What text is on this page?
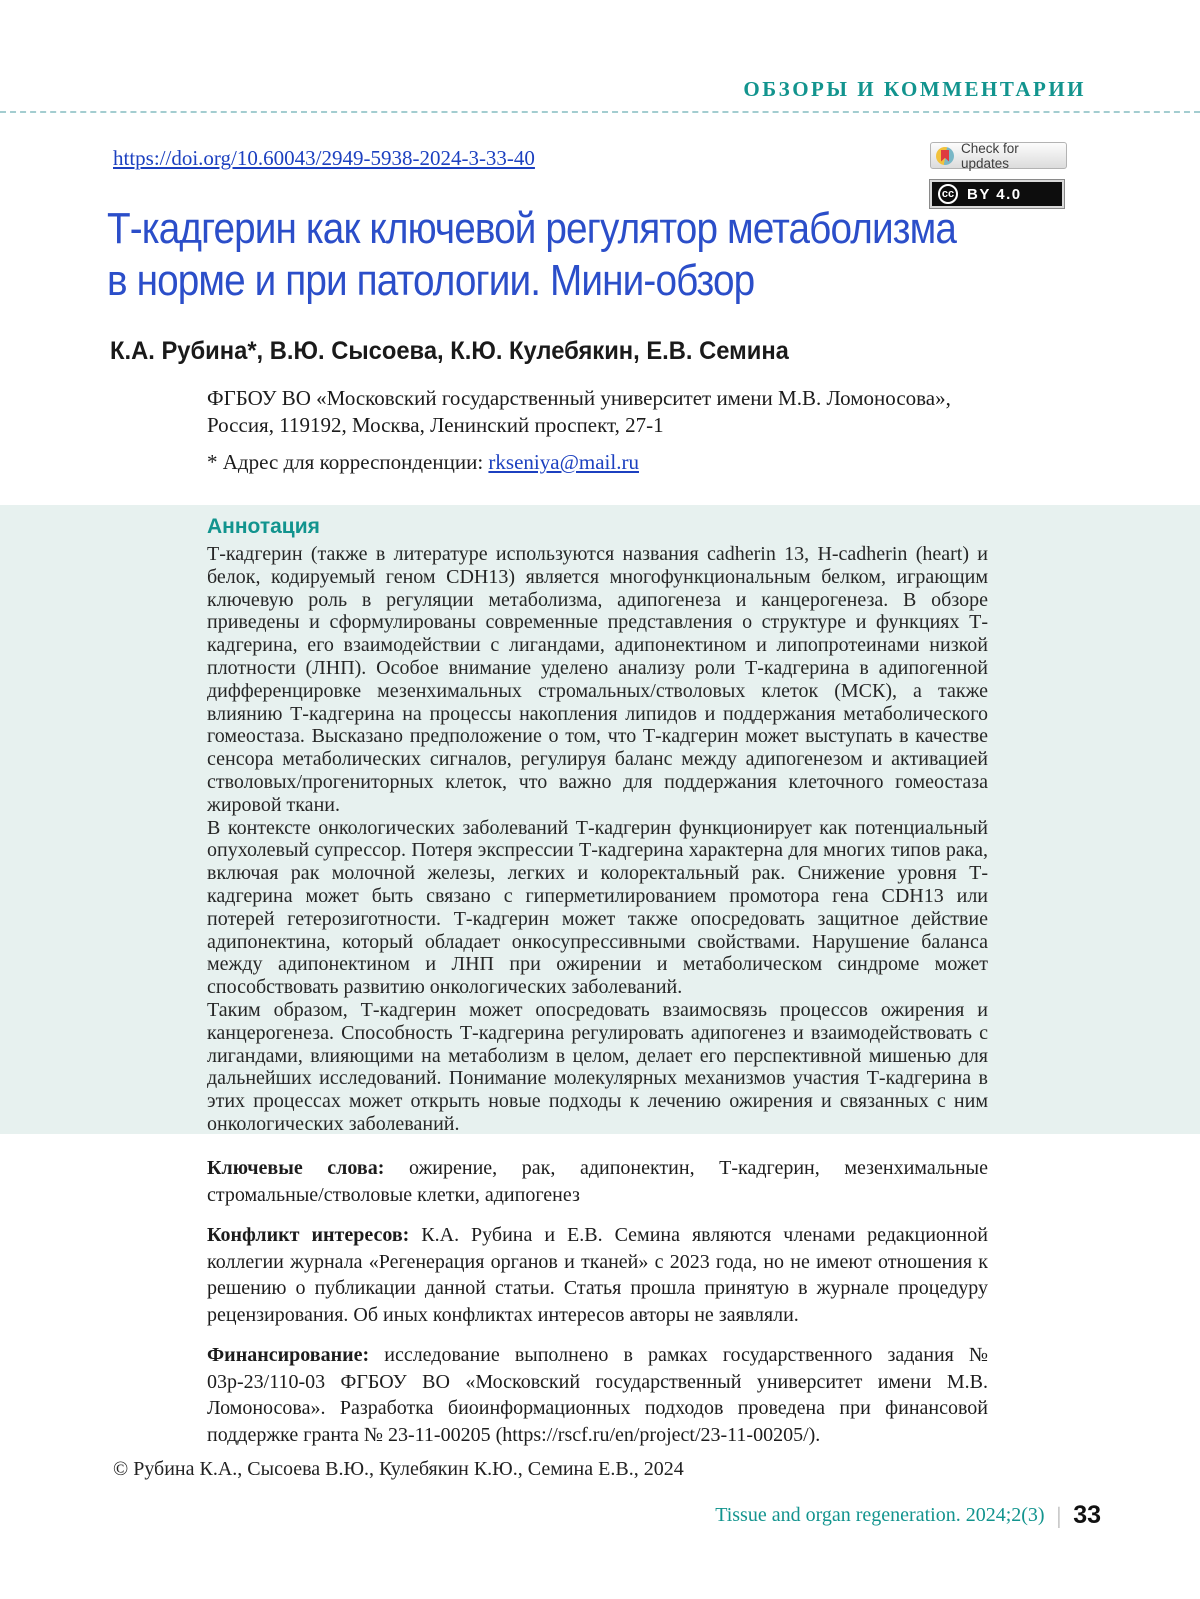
ОБЗОРЫ И КОММЕНТАРИИ
https://doi.org/10.60043/2949-5938-2024-3-33-40	Check for updates
cc BY 4.0
Т-кадгерин как ключевой регулятор метаболизма
в норме и при патологии. Мини-обзор
К.А. Рубина*, В.Ю. Сысоева, К.Ю. Кулебякин, Е.В. Семина
ФГБОУ ВО «Московский государственный университет имени М.В. Ломоносова»,
Россия, 119192, Москва, Ленинский проспект, 27-1
* Адрес для корреспонденции: rkseniya@mail.ru
Аннотация

Т-кадгерин (также в литературе используются названия cadherin 13, H-cadherin (heart) и белок, кодируемый геном CDH13) является многофункциональным белком, играющим ключевую роль в регуляции метаболизма, адипогенеза и канцерогенеза. В обзоре приведены и сформулированы современные представления о структуре и функциях Т-кадгерина, его взаимодействии с лигандами, адипонектином и липопротеинами низкой плотности (ЛНП). Особое внимание уделено анализу роли Т-кадгерина в адипогенной дифференцировке мезенхимальных стромальных/стволовых клеток (МСК), а также влиянию Т-кадгерина на процессы накопления липидов и поддержания метаболического гомеостаза. Высказано предположение о том, что Т-кадгерин может выступать в качестве сенсора метаболических сигналов, регулируя баланс между адипогенезом и активацией стволовых/прогениторных клеток, что важно для поддержания клеточного гомеостаза жировой ткани.

В контексте онкологических заболеваний Т-кадгерин функционирует как потенциальный опухолевый супрессор. Потеря экспрессии Т-кадгерина характерна для многих типов рака, включая рак молочной железы, легких и колоректальный рак. Снижение уровня Т-кадгерина может быть связано с гиперметилированием промотора гена CDH13 или потерей гетерозиготности. Т-кадгерин может также опосредовать защитное действие адипонектина, который обладает онкосупрессивными свойствами. Нарушение баланса между адипонектином и ЛНП при ожирении и метаболическом синдроме может способствовать развитию онкологических заболеваний.

Таким образом, Т-кадгерин может опосредовать взаимосвязь процессов ожирения и канцерогенеза. Способность Т-кадгерина регулировать адипогенез и взаимодействовать с лигандами, влияющими на метаболизм в целом, делает его перспективной мишенью для дальнейших исследований. Понимание молекулярных механизмов участия Т-кадгерина в этих процессах может открыть новые подходы к лечению ожирения и связанных с ним онкологических заболеваний.

Ключевые слова: ожирение, рак, адипонектин, Т-кадгерин, мезенхимальные стромальные/стволовые клетки, адипогенез

Конфликт интересов: К.А. Рубина и Е.В. Семина являются членами редакционной коллегии журнала «Регенерация органов и тканей» с 2023 года, но не имеют отношения к решению о публикации данной статьи. Статья прошла принятую в журнале процедуру рецензирования. Об иных конфликтах интересов авторы не заявляли.

Финансирование: исследование выполнено в рамках государственного задания № 03р-23/110-03 ФГБОУ ВО «Московский государственный университет имени М.В. Ломоносова». Разработка биоинформационных подходов проведена при финансовой поддержке гранта № 23-11-00205 (https://rscf.ru/en/project/23-11-00205/).

© Рубина К.А., Сысоева В.Ю., Кулебякин К.Ю., Семина Е.В., 2024
Tissue and organ regeneration. 2024;2(3) | 33
